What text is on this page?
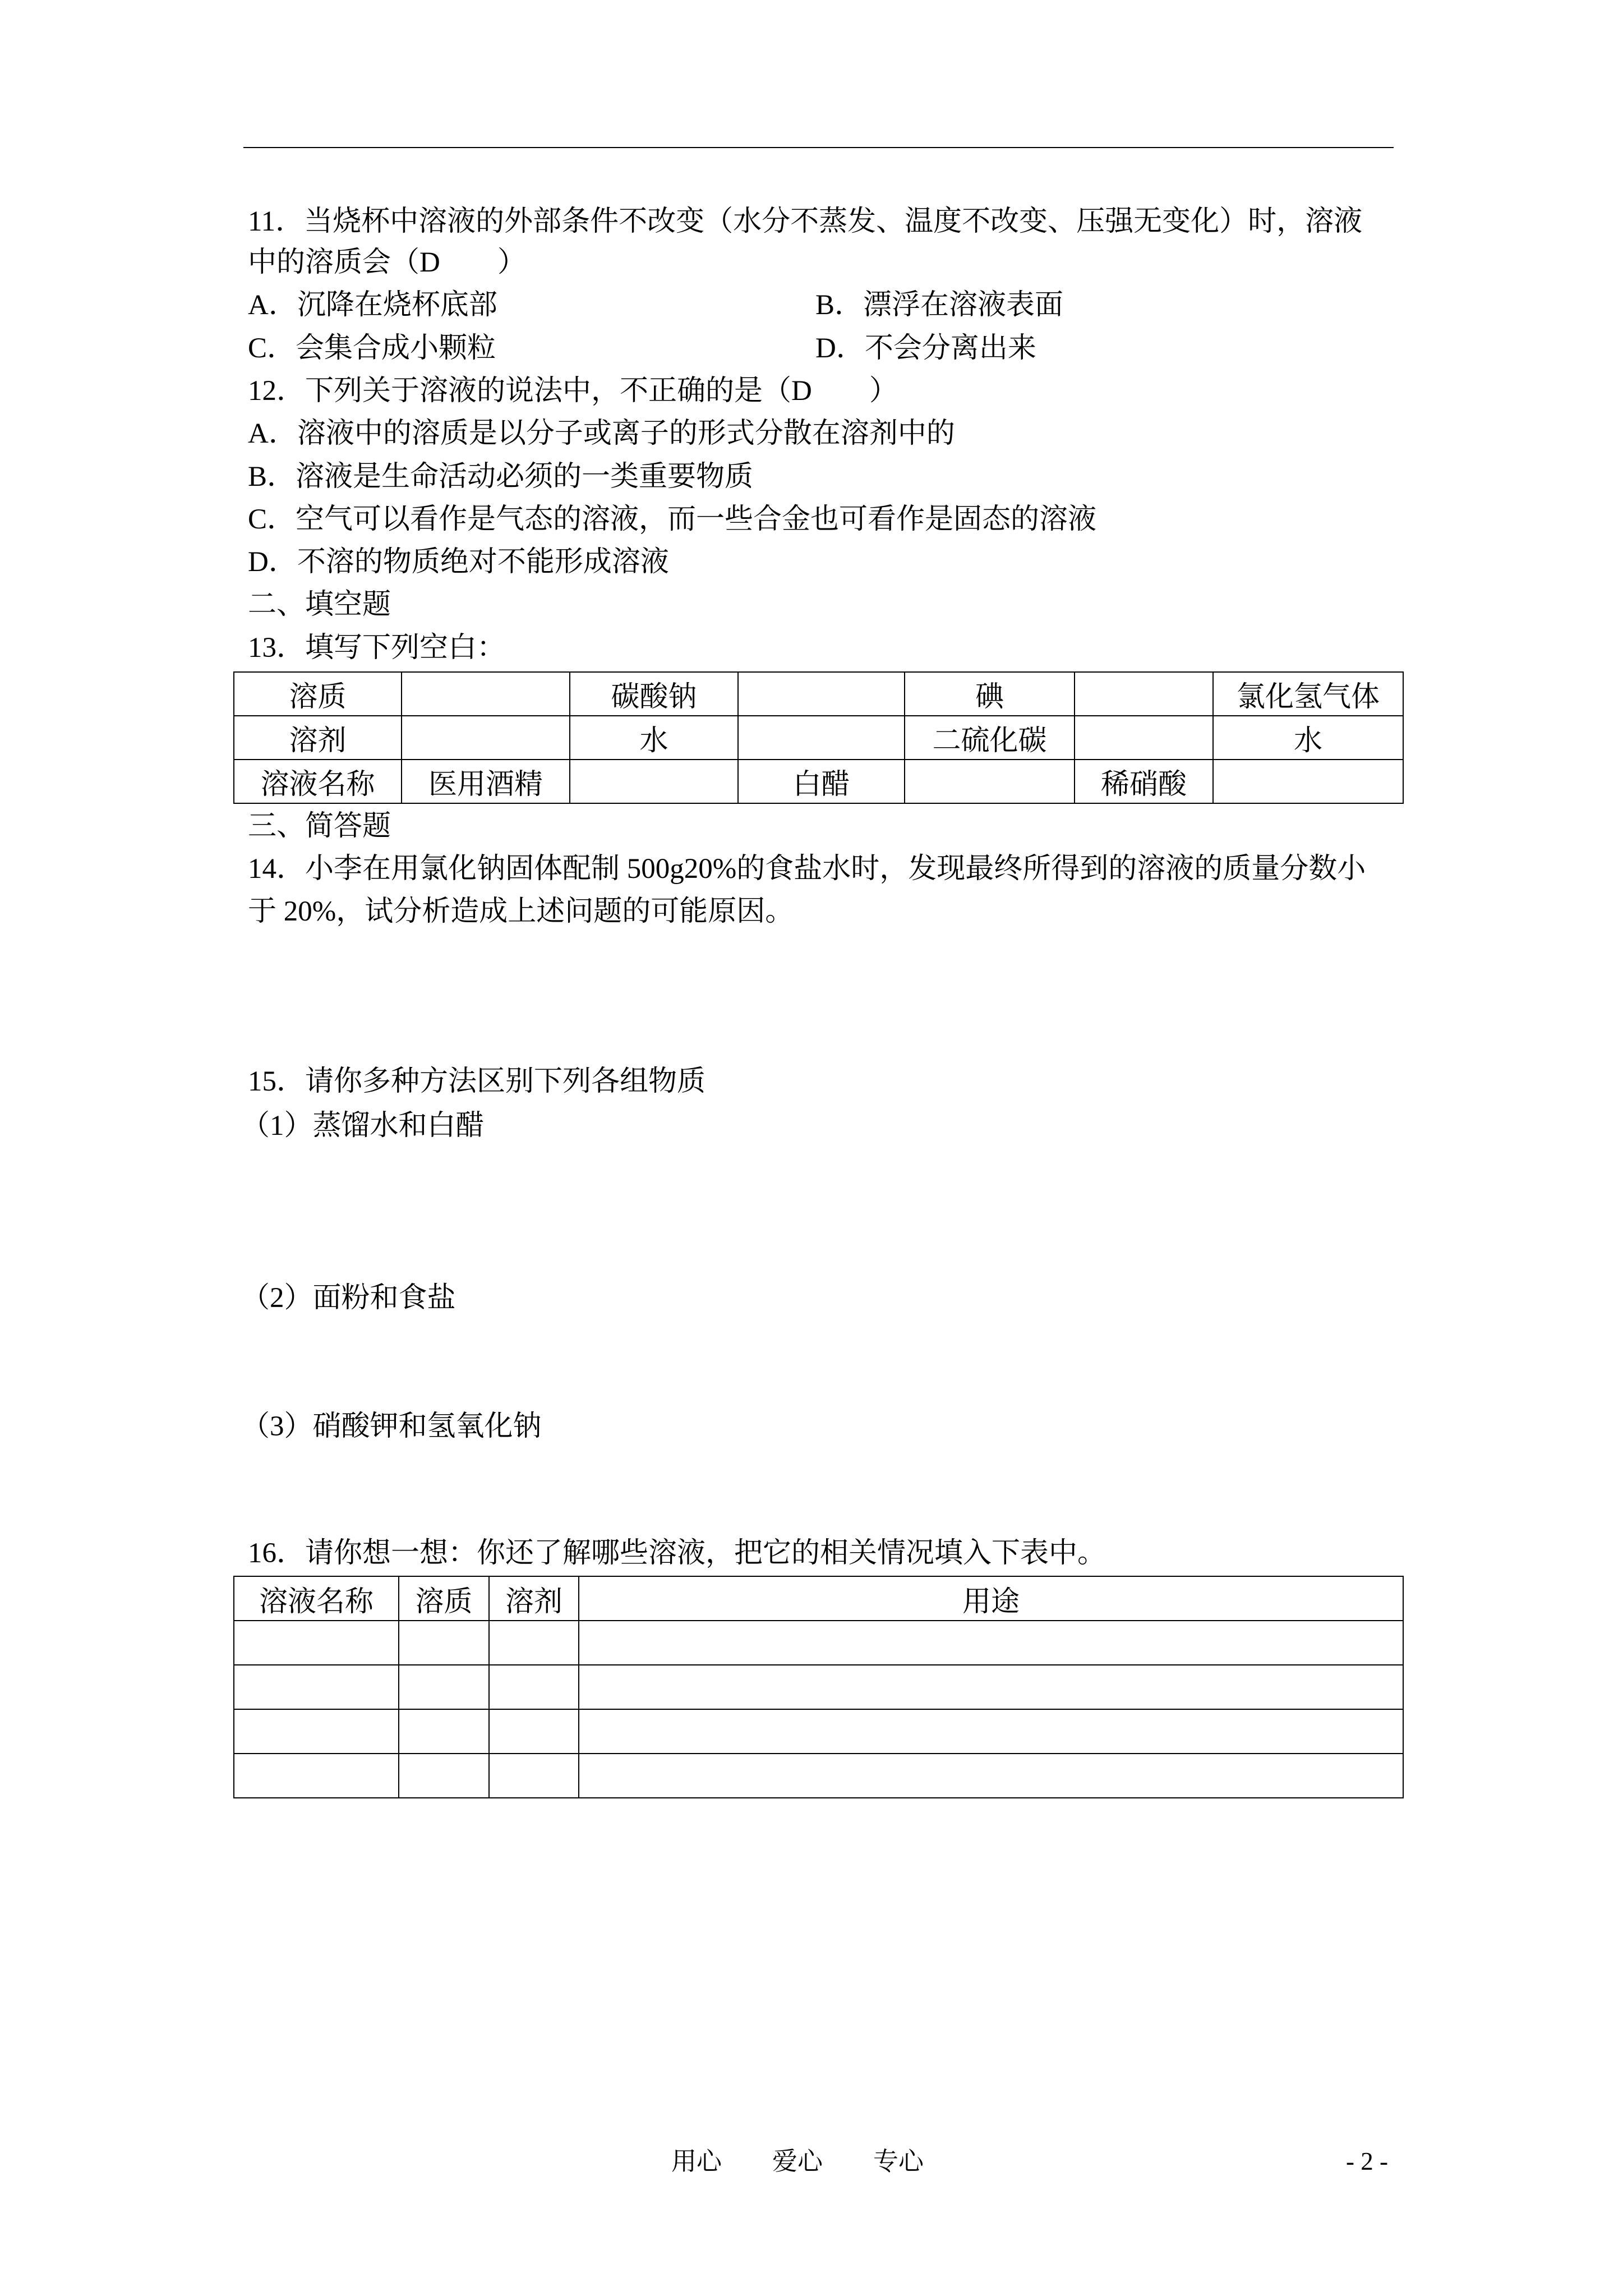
11．当烧杯中溶液的外部条件不改变（水分不蒸发、温度不改变、压强无变化）时，溶液
中的溶质会（D　　）
A．沉降在烧杯底部	B．漂浮在溶液表面
C．会集合成小颗粒	D．不会分离出来
12．下列关于溶液的说法中，不正确的是（D　　）
A．溶液中的溶质是以分子或离子的形式分散在溶剂中的
B．溶液是生命活动必须的一类重要物质
C．空气可以看作是气态的溶液，而一些合金也可看作是固态的溶液
D．不溶的物质绝对不能形成溶液
二、填空题
13．填写下列空白：
溶质		碳酸钠		碘		氯化氢气体
溶剂		水		二硫化碳		水
溶液名称	医用酒精		白醋		稀硝酸	
三、简答题
14．小李在用氯化钠固体配制 500g20%的食盐水时，发现最终所得到的溶液的质量分数小
于 20%，试分析造成上述问题的可能原因。
15．请你多种方法区别下列各组物质
（1）蒸馏水和白醋
（2）面粉和食盐
（3）硝酸钾和氢氧化钠
16．请你想一想：你还了解哪些溶液，把它的相关情况填入下表中。
溶液名称	溶质	溶剂	用途

用心　　爱心　　专心	- 2 -
